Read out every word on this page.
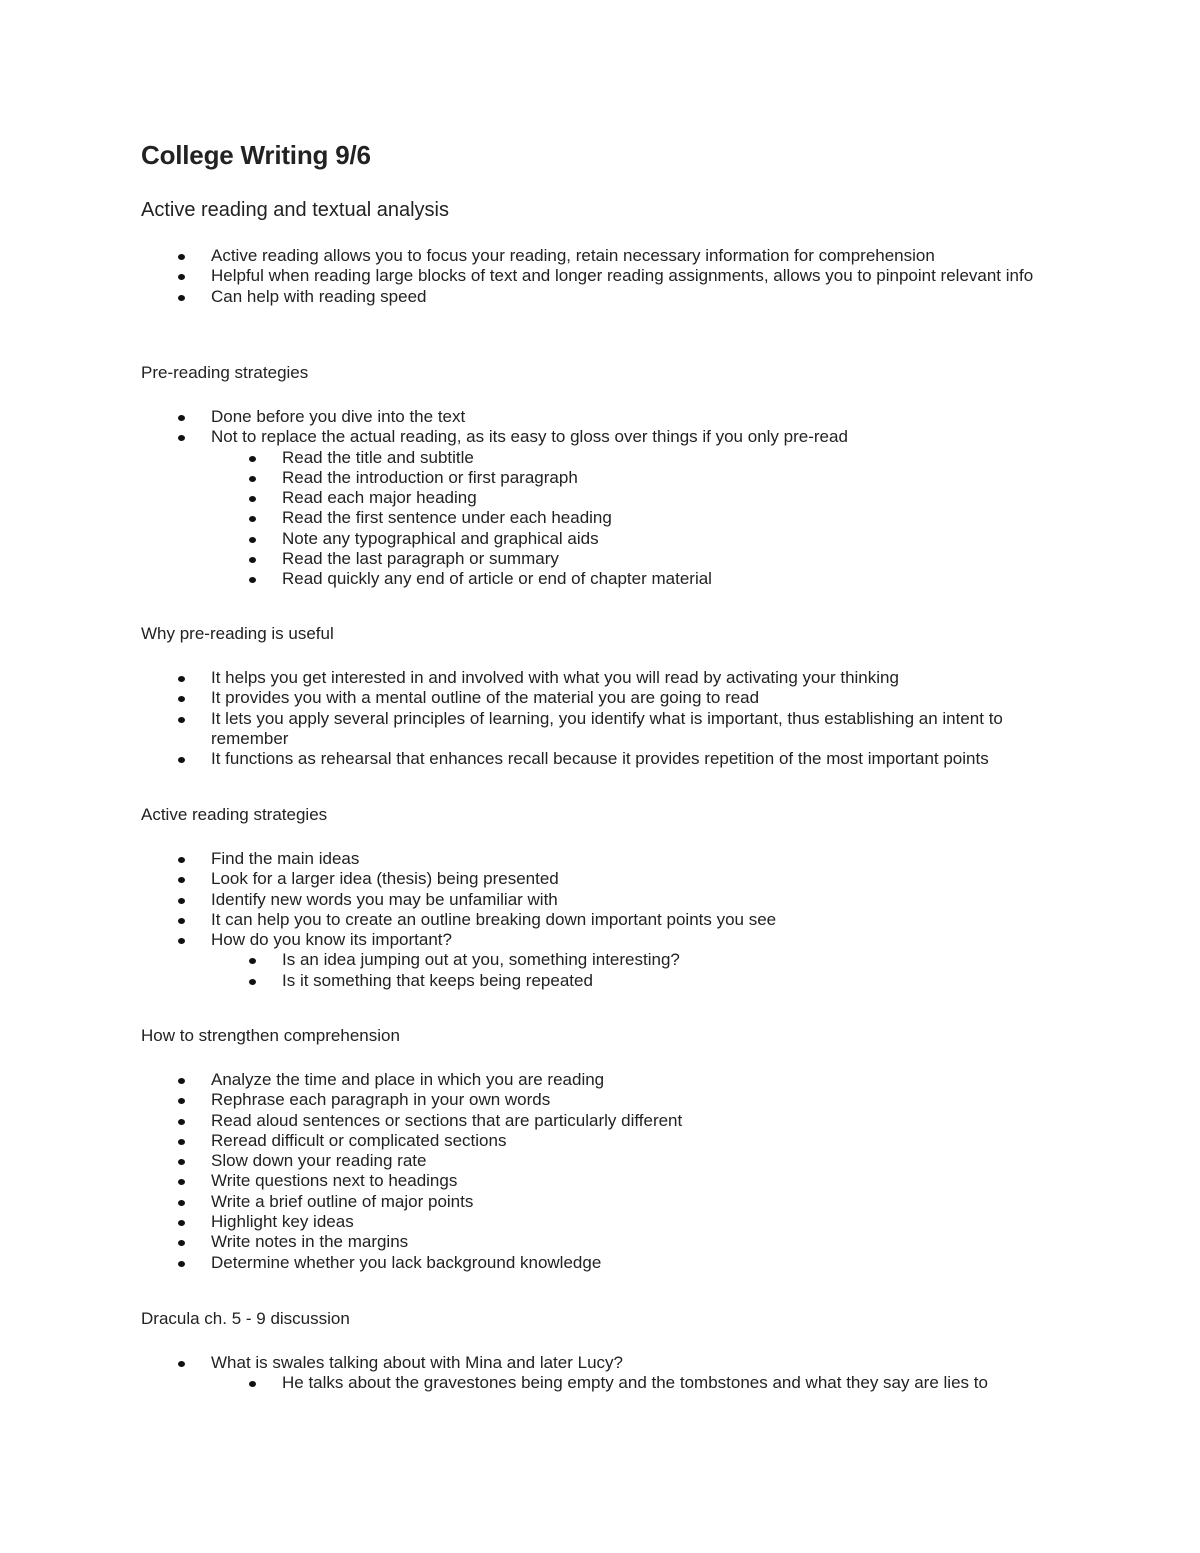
College Writing 9/6
Active reading and textual analysis
Active reading allows you to focus your reading, retain necessary information for comprehension
Helpful when reading large blocks of text and longer reading assignments, allows you to pinpoint relevant info
Can help with reading speed
Pre-reading strategies
Done before you dive into the text
Not to replace the actual reading, as its easy to gloss over things if you only pre-read
Read the title and subtitle
Read the introduction or first paragraph
Read each major heading
Read the first sentence under each heading
Note any typographical and graphical aids
Read the last paragraph or summary
Read quickly any end of article or end of chapter material
Why pre-reading is useful
It helps you get interested in and involved with what you will read by activating your thinking
It provides you with a mental outline of the material you are going to read
It lets you apply several principles of learning, you identify what is important, thus establishing an intent to remember
It functions as rehearsal that enhances recall because it provides repetition of the most important points
Active reading strategies
Find the main ideas
Look for a larger idea (thesis) being presented
Identify new words you may be unfamiliar with
It can help you to create an outline breaking down important points you see
How do you know its important?
Is an idea jumping out at you, something interesting?
Is it something that keeps being repeated
How to strengthen comprehension
Analyze the time and place in which you are reading
Rephrase each paragraph in your own words
Read aloud sentences or sections that are particularly different
Reread difficult or complicated sections
Slow down your reading rate
Write questions next to headings
Write a brief outline of major points
Highlight key ideas
Write notes in the margins
Determine whether you lack background knowledge
Dracula ch. 5 - 9 discussion
What is swales talking about with Mina and later Lucy?
He talks about the gravestones being empty and the tombstones and what they say are lies to
